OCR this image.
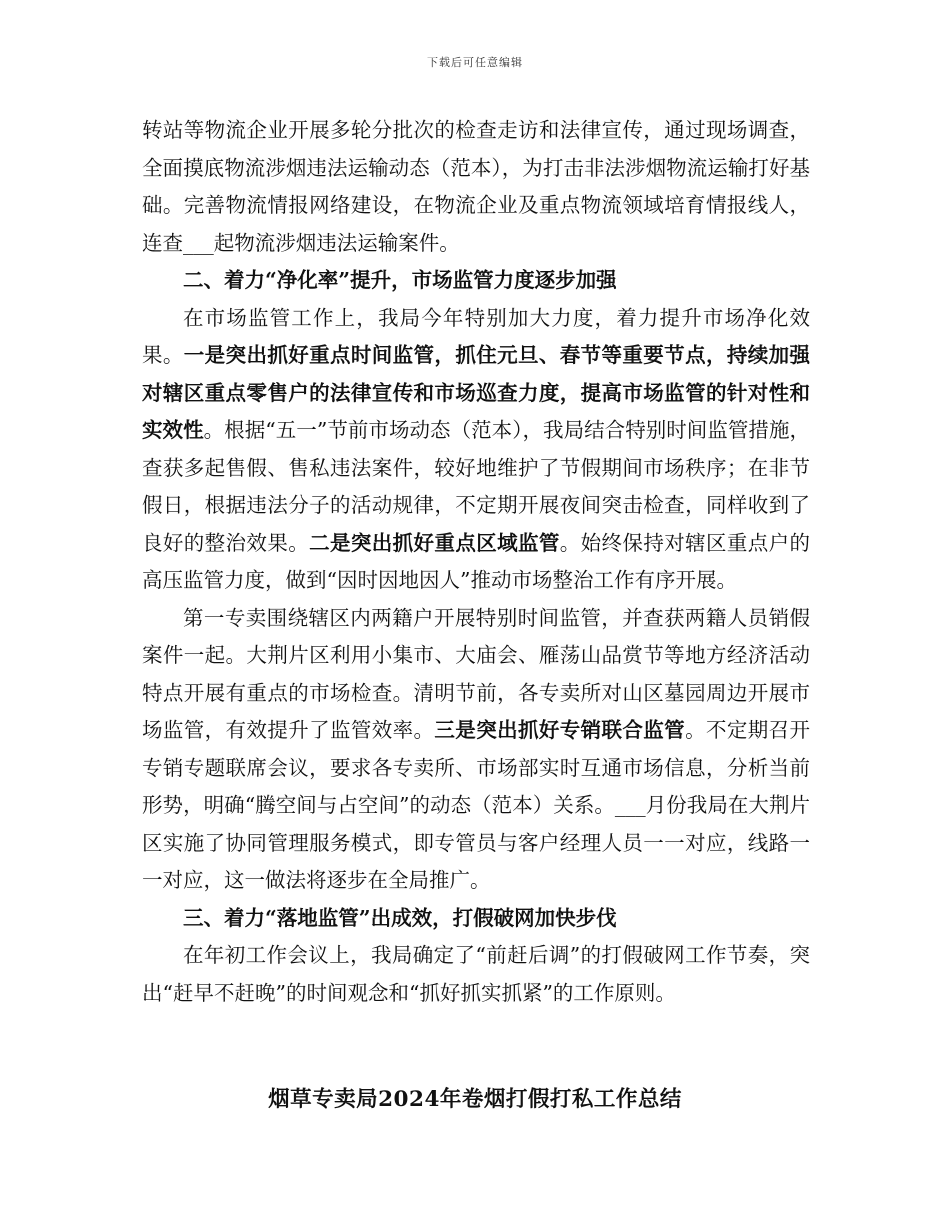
下载后可任意编辑

转站等物流企业开展多轮分批次的检查走访和法律宣传，通过现场调查，全面摸底物流涉烟违法运输动态（范本），为打击非法涉烟物流运输打好基础。完善物流情报网络建设，在物流企业及重点物流领域培育情报线人，连查___起物流涉烟违法运输案件。

二、着力“净化率”提升，市场监管力度逐步加强

在市场监管工作上，我局今年特别加大力度，着力提升市场净化效果。一是突出抓好重点时间监管，抓住元旦、春节等重要节点，持续加强对辖区重点零售户的法律宣传和市场巡查力度，提高市场监管的针对性和实效性。根据“五一”节前市场动态（范本），我局结合特别时间监管措施，查获多起售假、售私违法案件，较好地维护了节假期间市场秩序；在非节假日，根据违法分子的活动规律，不定期开展夜间突击检查，同样收到了良好的整治效果。二是突出抓好重点区域监管。始终保持对辖区重点户的高压监管力度，做到“因时因地因人”推动市场整治工作有序开展。

第一专卖围绕辖区内两籍户开展特别时间监管，并查获两籍人员销假案件一起。大荆片区利用小集市、大庙会、雁荡山品赏节等地方经济活动特点开展有重点的市场检查。清明节前，各专卖所对山区墓园周边开展市场监管，有效提升了监管效率。三是突出抓好专销联合监管。不定期召开专销专题联席会议，要求各专卖所、市场部实时互通市场信息，分析当前形势，明确“腾空间与占空间”的动态（范本）关系。___月份我局在大荆片区实施了协同管理服务模式，即专管员与客户经理人员一一对应，线路一一对应，这一做法将逐步在全局推广。

三、着力“落地监管”出成效，打假破网加快步伐

在年初工作会议上，我局确定了“前赶后调”的打假破网工作节奏，突出“赶早不赶晚”的时间观念和“抓好抓实抓紧”的工作原则。

烟草专卖局2024年卷烟打假打私工作总结
